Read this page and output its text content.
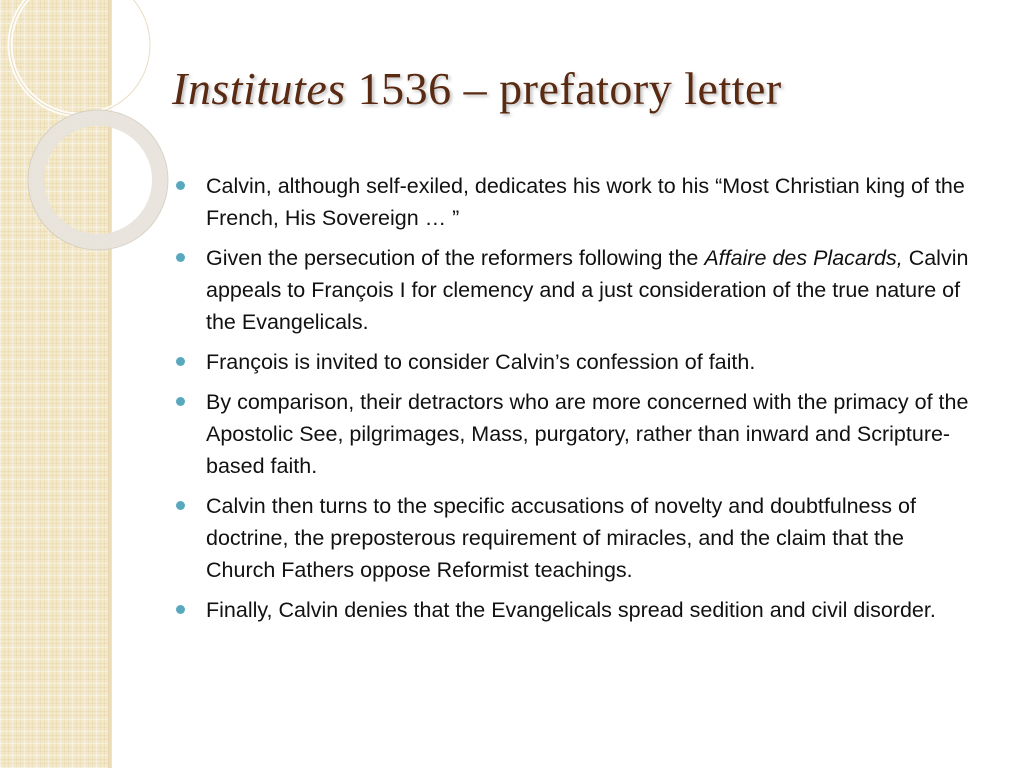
Institutes 1536 – prefatory letter
Calvin, although self-exiled, dedicates his work to his “Most Christian king of the French, His Sovereign … ”
Given the persecution of the reformers following the Affaire des Placards, Calvin appeals to François I for clemency and a just consideration of the true nature of the Evangelicals.
François is invited to consider Calvin’s confession of faith.
By comparison, their detractors who are more concerned with the primacy of the Apostolic See, pilgrimages, Mass, purgatory, rather than inward and Scripture-based faith.
Calvin then turns to the specific accusations of novelty and doubtfulness of doctrine, the preposterous requirement of miracles, and the claim that the Church Fathers oppose Reformist teachings.
Finally, Calvin denies that the Evangelicals spread sedition and civil disorder.
